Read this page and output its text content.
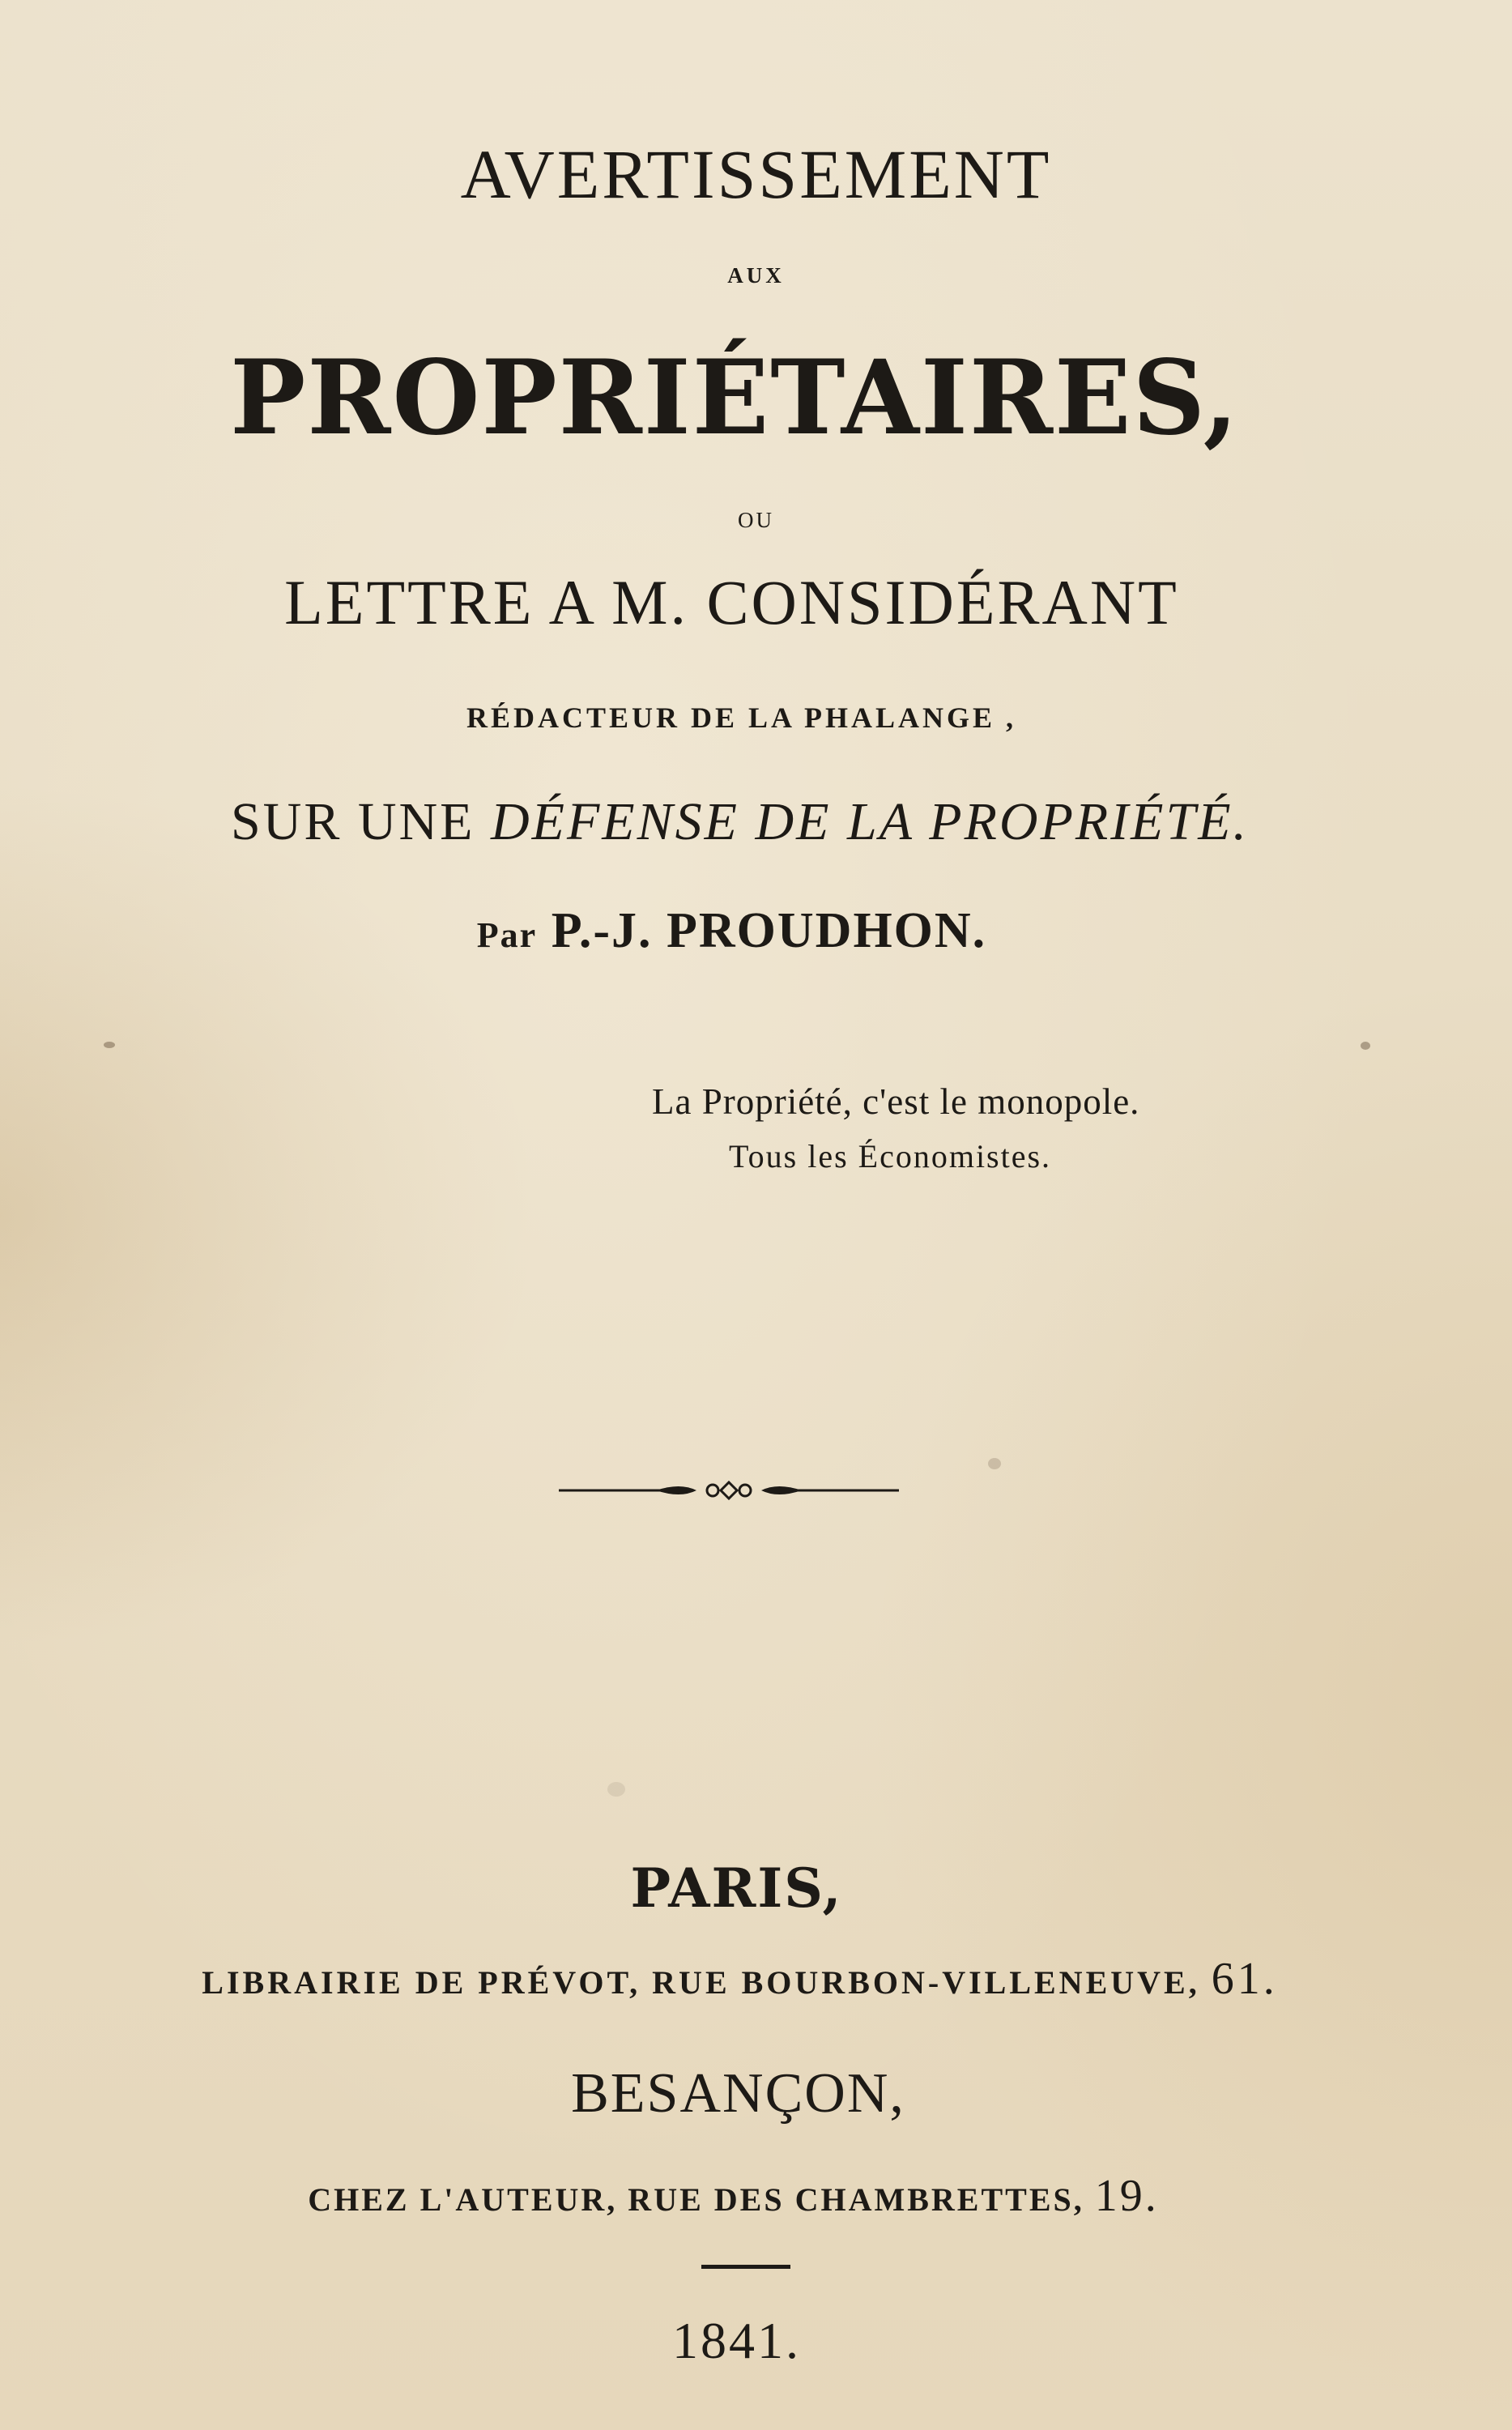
AVERTISSEMENT
aux
PROPRIÉTAIRES,
ou
LETTRE A M. CONSIDÉRANT
RÉDACTEUR DE LA PHALANGE ,
SUR UNE DÉFENSE DE LA PROPRIÉTÉ.
Par P.-J. PROUDHON.
La Propriété, c'est le monopole.
Tous les Économistes.
PARIS,
LIBRAIRIE DE PRÉVOT, RUE BOURBON-VILLENEUVE, 61.
BESANÇON,
CHEZ L'AUTEUR, RUE DES CHAMBRETTES, 19.
1841.
